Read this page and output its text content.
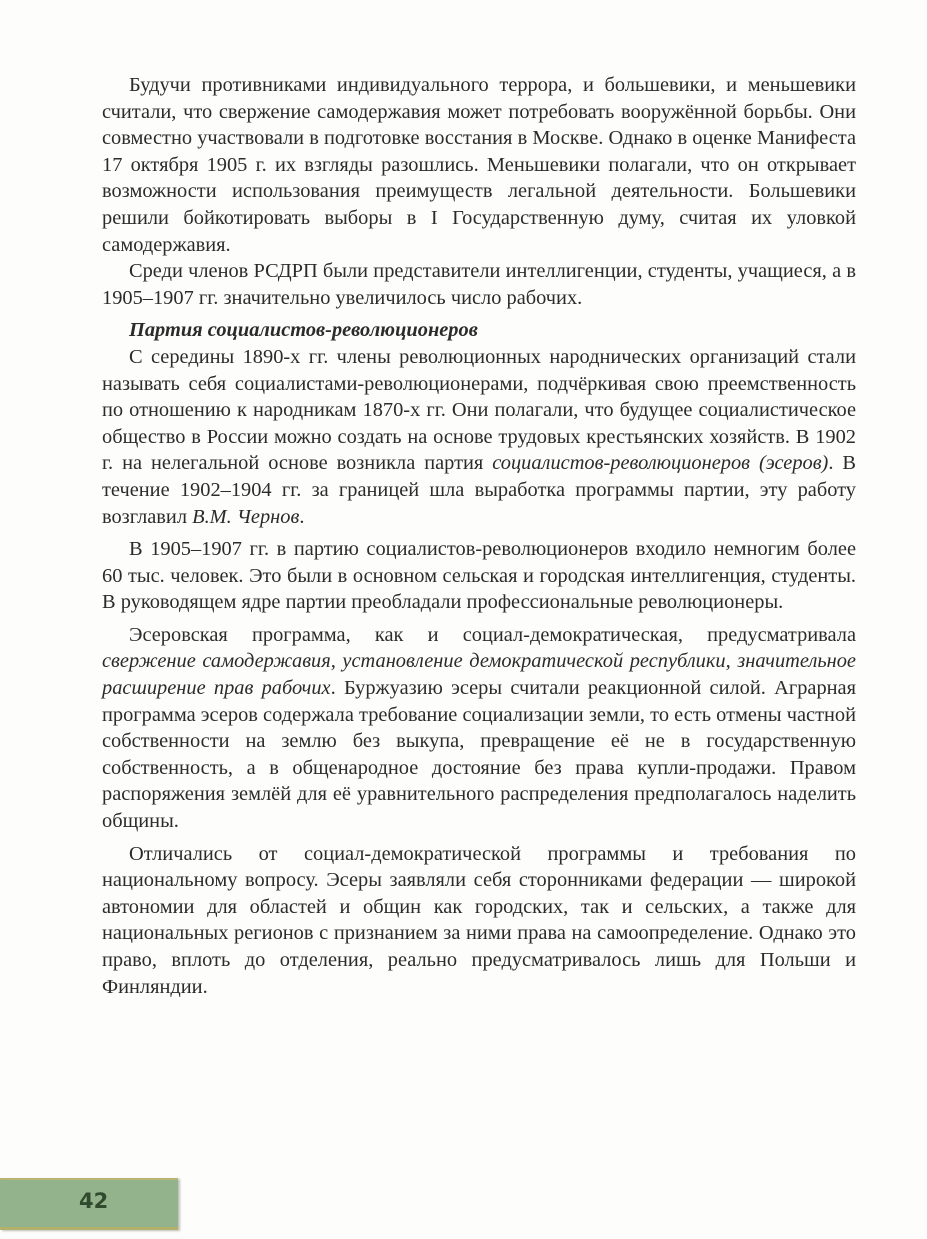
Будучи противниками индивидуального террора, и большевики, и меньшевики считали, что свержение самодержавия может потребовать вооружённой борьбы. Они совместно участвовали в подготовке восстания в Москве. Однако в оценке Манифеста 17 октября 1905 г. их взгляды разошлись. Меньшевики полагали, что он открывает возможности использования преимуществ легальной деятельности. Большевики решили бойкотировать выборы в I Государственную думу, считая их уловкой самодержавия.

Среди членов РСДРП были представители интеллигенции, студенты, учащиеся, а в 1905–1907 гг. значительно увеличилось число рабочих.

Партия социалистов-революционеров

С середины 1890-х гг. члены революционных народнических организаций стали называть себя социалистами-революционерами, подчёркивая свою преемственность по отношению к народникам 1870-х гг. Они полагали, что будущее социалистическое общество в России можно создать на основе трудовых крестьянских хозяйств. В 1902 г. на нелегальной основе возникла партия социалистов-революционеров (эсеров). В течение 1902–1904 гг. за границей шла выработка программы партии, эту работу возглавил В.М. Чернов.

В 1905–1907 гг. в партию социалистов-революционеров входило немногим более 60 тыс. человек. Это были в основном сельская и городская интеллигенция, студенты. В руководящем ядре партии преобладали профессиональные революционеры.

Эсеровская программа, как и социал-демократическая, предусматривала свержение самодержавия, установление демократической республики, значительное расширение прав рабочих. Буржуазию эсеры считали реакционной силой. Аграрная программа эсеров содержала требование социализации земли, то есть отмены частной собственности на землю без выкупа, превращение её не в государственную собственность, а в общенародное достояние без права купли-продажи. Правом распоряжения землёй для её уравнительного распределения предполагалось наделить общины.

Отличались от социал-демократической программы и требования по национальному вопросу. Эсеры заявляли себя сторонниками федерации — широкой автономии для областей и общин как городских, так и сельских, а также для национальных регионов с признанием за ними права на самоопределение. Однако это право, вплоть до отделения, реально предусматривалось лишь для Польши и Финляндии.

42
